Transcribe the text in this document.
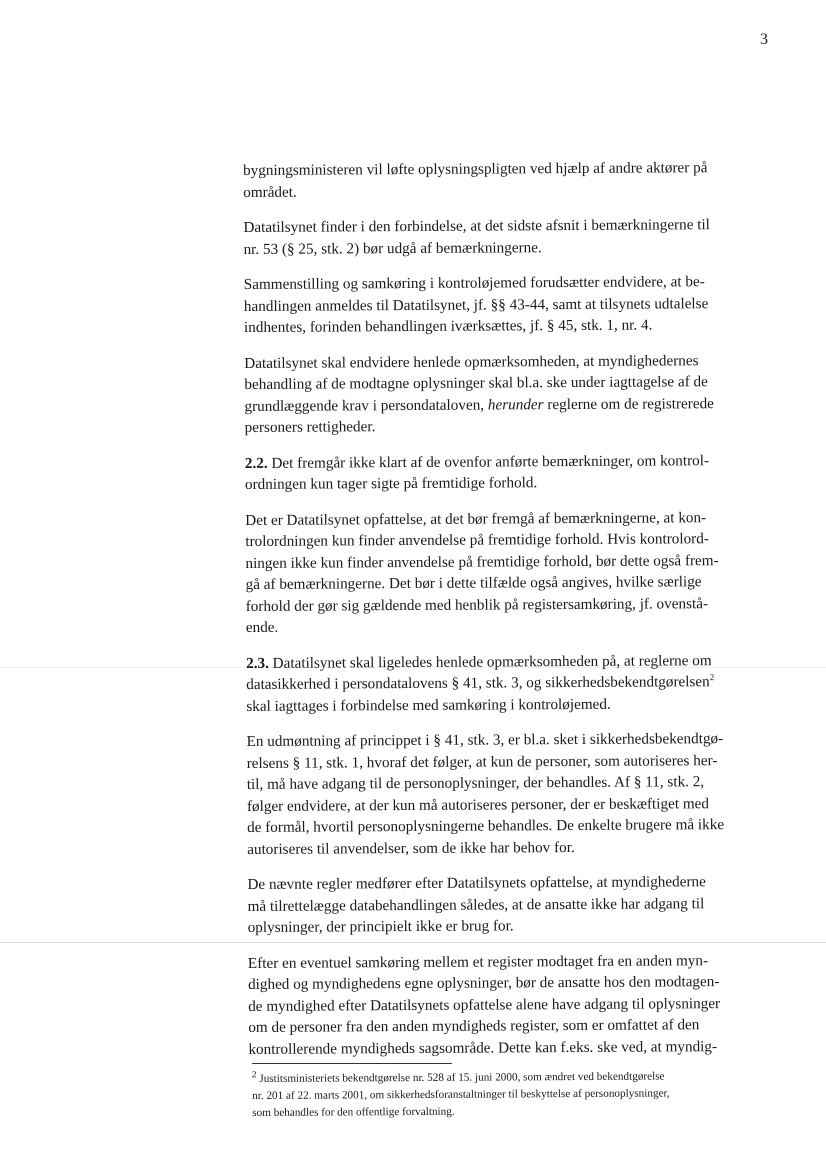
3

bygningsministeren vil løfte oplysningspligten ved hjælp af andre aktører på
området.

Datatilsynet finder i den forbindelse, at det sidste afsnit i bemærkningerne til
nr. 53 (§ 25, stk. 2) bør udgå af bemærkningerne.

Sammenstilling og samkøring i kontroløjemed forudsætter endvidere, at be-
handlingen anmeldes til Datatilsynet, jf. §§ 43-44, samt at tilsynets udtalelse
indhentes, forinden behandlingen iværksættes, jf. § 45, stk. 1, nr. 4.

Datatilsynet skal endvidere henlede opmærksomheden, at myndighedernes
behandling af de modtagne oplysninger skal bl.a. ske under iagttagelse af de
grundlæggende krav i persondataloven, herunder reglerne om de registrerede
personers rettigheder.

2.2. Det fremgår ikke klart af de ovenfor anførte bemærkninger, om kontrol-
ordningen kun tager sigte på fremtidige forhold.

Det er Datatilsynet opfattelse, at det bør fremgå af bemærkningerne, at kon-
trolordningen kun finder anvendelse på fremtidige forhold. Hvis kontrolord-
ningen ikke kun finder anvendelse på fremtidige forhold, bør dette også frem-
gå af bemærkningerne. Det bør i dette tilfælde også angives, hvilke særlige
forhold der gør sig gældende med henblik på registersamkøring, jf. ovenstå-
ende.

2.3. Datatilsynet skal ligeledes henlede opmærksomheden på, at reglerne om
datasikkerhed i persondatalovens § 41, stk. 3, og sikkerhedsbekendtgørelsen$^2$
skal iagttages i forbindelse med samkøring i kontroløjemed.

En udmøntning af princippet i § 41, stk. 3, er bl.a. sket i sikkerhedsbekendtgø-
relsens § 11, stk. 1, hvoraf det følger, at kun de personer, som autoriseres her-
til, må have adgang til de personoplysninger, der behandles. Af § 11, stk. 2,
følger endvidere, at der kun må autoriseres personer, der er beskæftiget med
de formål, hvortil personoplysningerne behandles. De enkelte brugere må ikke
autoriseres til anvendelser, som de ikke har behov for.

De nævnte regler medfører efter Datatilsynets opfattelse, at myndighederne
må tilrettelægge databehandlingen således, at de ansatte ikke har adgang til
oplysninger, der principielt ikke er brug for.

Efter en eventuel samkøring mellem et register modtaget fra en anden myn-
dighed og myndighedens egne oplysninger, bør de ansatte hos den modtagen-
de myndighed efter Datatilsynets opfattelse alene have adgang til oplysninger
om de personer fra den anden myndigheds register, som er omfattet af den
kontrollerende myndigheds sagsområde. Dette kan f.eks. ske ved, at myndig-

$^2$ Justitsministeriets bekendtgørelse nr. 528 af 15. juni 2000, som ændret ved bekendtgørelse
nr. 201 af 22. marts 2001, om sikkerhedsforanstaltninger til beskyttelse af personoplysninger,
som behandles for den offentlige forvaltning.
